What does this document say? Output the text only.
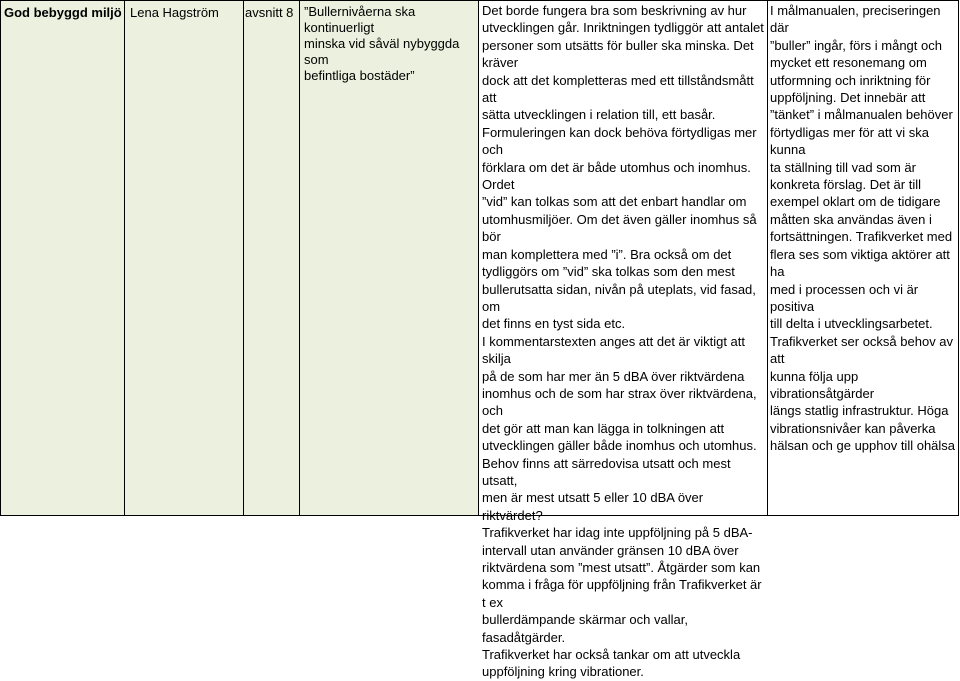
God bebyggd miljö Lena Hagström	avsnitt 8 ”Bullernivåerna ska kontinuerligt
minska vid såväl nybyggda som
befintliga bostäder”

Det borde fungera bra som beskrivning av hur
utvecklingen går. Inriktningen tydliggör att antalet
personer som utsätts för buller ska minska. Det kräver
dock att det kompletteras med ett tillståndsmått att
sätta utvecklingen i relation till, ett basår.
Formuleringen kan dock behöva förtydligas mer och
förklara om det är både utomhus och inomhus. Ordet
”vid” kan tolkas som att det enbart handlar om
utomhusmiljöer. Om det även gäller inomhus så bör
man komplettera med ”i”. Bra också om det
tydliggörs om ”vid” ska tolkas som den mest
bullerutsatta sidan, nivån på uteplats, vid fasad, om
det finns en tyst sida etc.
I kommentarstexten anges att det är viktigt att skilja
på de som har mer än 5 dBA över riktvärdena
inomhus och de som har strax över riktvärdena, och
det gör att man kan lägga in tolkningen att
utvecklingen gäller både inomhus och utomhus.
Behov finns att särredovisa utsatt och mest utsatt,
men är mest utsatt 5 eller 10 dBA över riktvärdet?
Trafikverket har idag inte uppföljning på 5 dBA-
intervall utan använder gränsen 10 dBA över
riktvärdena som ”mest utsatt”. Åtgärder som kan
komma i fråga för uppföljning från Trafikverket är t ex
bullerdämpande skärmar och vallar, fasadåtgärder.
Trafikverket har också tankar om att utveckla
uppföljning kring vibrationer.

I målmanualen, preciseringen där
”buller” ingår, förs i mångt och
mycket ett resonemang om
utformning och inriktning för
uppföljning. Det innebär att
”tänket” i målmanualen behöver
förtydligas mer för att vi ska kunna
ta ställning till vad som är
konkreta förslag. Det är till
exempel oklart om de tidigare
måtten ska användas även i
fortsättningen. Trafikverket med
flera ses som viktiga aktörer att ha
med i processen och vi är positiva
till delta i utvecklingsarbetet.
Trafikverket ser också behov av att
kunna följa upp vibrationsåtgärder
längs statlig infrastruktur. Höga
vibrationsnivåer kan påverka
hälsan och ge upphov till ohälsa
